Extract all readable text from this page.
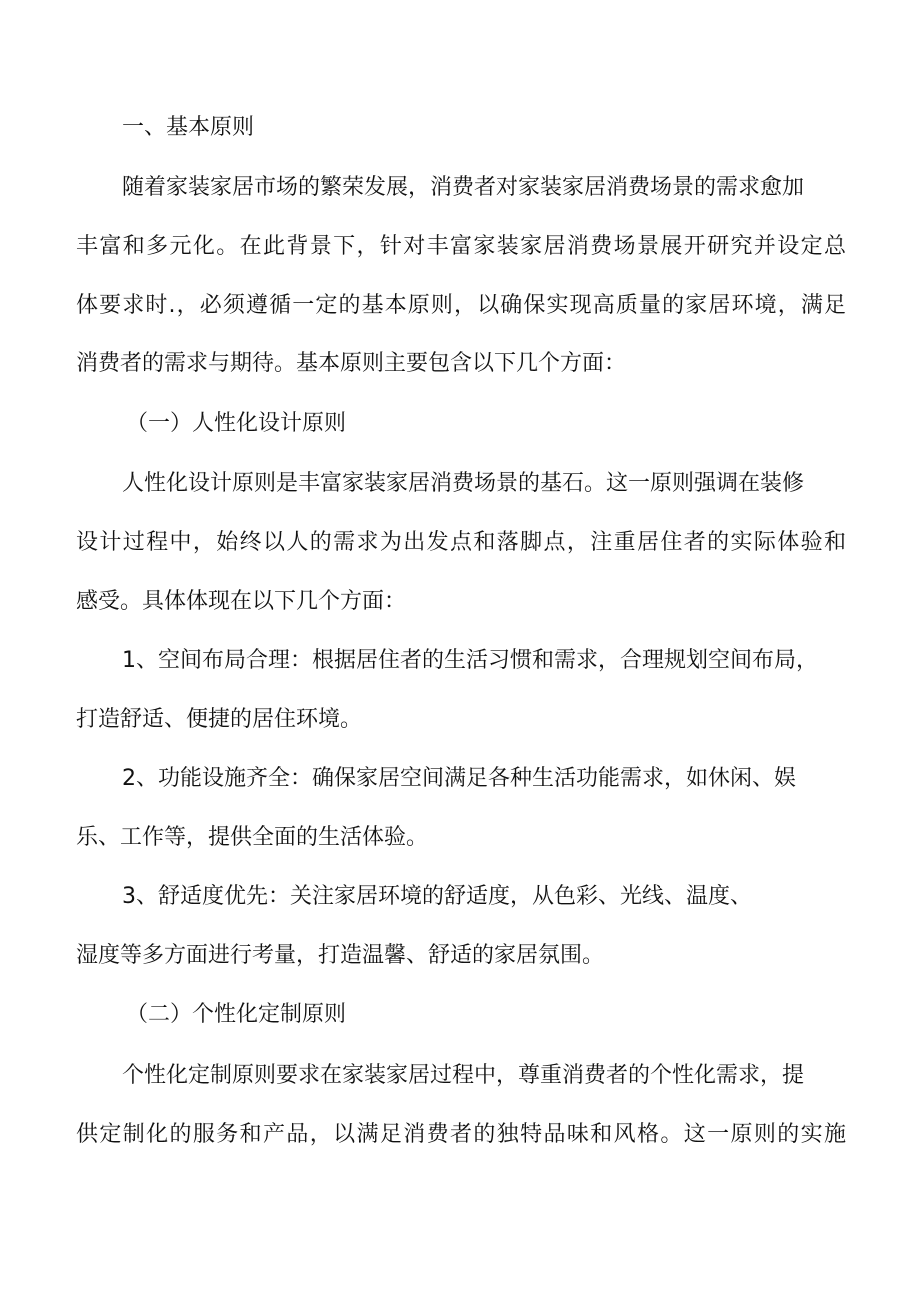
一、基本原则
随着家装家居市场的繁荣发展，消费者对家装家居消费场景的需求愈加
丰富和多元化。在此背景下，针对丰富家装家居消费场景展开研究并设定总
体要求时.，必须遵循一定的基本原则，以确保实现高质量的家居环境，满足
消费者的需求与期待。基本原则主要包含以下几个方面：
（一）人性化设计原则
人性化设计原则是丰富家装家居消费场景的基石。这一原则强调在装修
设计过程中，始终以人的需求为出发点和落脚点，注重居住者的实际体验和
感受。具体体现在以下几个方面：
1、空间布局合理：根据居住者的生活习惯和需求，合理规划空间布局，
打造舒适、便捷的居住环境。
2、功能设施齐全：确保家居空间满足各种生活功能需求，如休闲、娱
乐、工作等，提供全面的生活体验。
3、舒适度优先：关注家居环境的舒适度，从色彩、光线、温度、
湿度等多方面进行考量，打造温馨、舒适的家居氛围。
（二）个性化定制原则
个性化定制原则要求在家装家居过程中，尊重消费者的个性化需求，提
供定制化的服务和产品，以满足消费者的独特品味和风格。这一原则的实施
